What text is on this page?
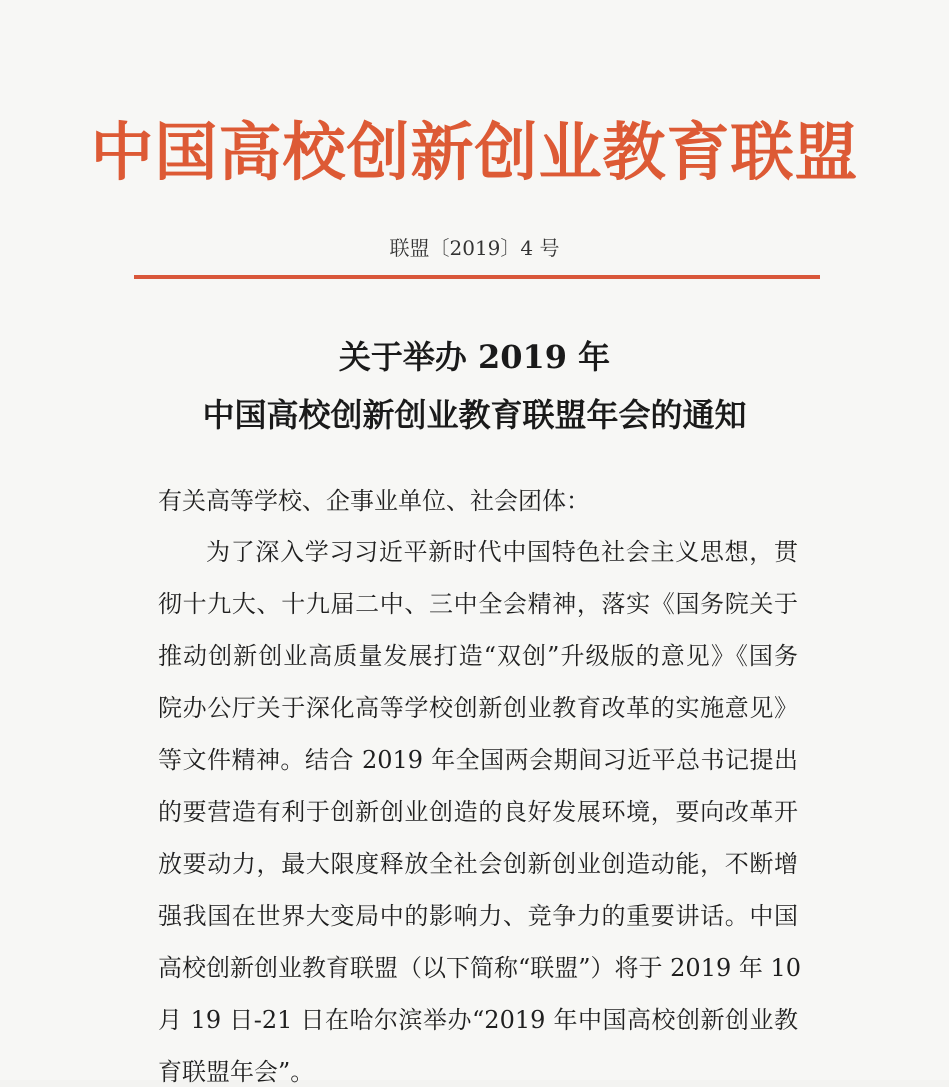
中国高校创新创业教育联盟
联盟〔2019〕4 号
关于举办 2019 年
中国高校创新创业教育联盟年会的通知
有关高等学校、企事业单位、社会团体：
为了深入学习习近平新时代中国特色社会主义思想，贯
彻十九大、十九届二中、三中全会精神，落实《国务院关于
推动创新创业高质量发展打造“双创”升级版的意见》《国务
院办公厅关于深化高等学校创新创业教育改革的实施意见》
等文件精神。结合 2019 年全国两会期间习近平总书记提出
的要营造有利于创新创业创造的良好发展环境，要向改革开
放要动力，最大限度释放全社会创新创业创造动能，不断增
强我国在世界大变局中的影响力、竞争力的重要讲话。中国
高校创新创业教育联盟（以下简称“联盟”）将于 2019 年 10
月 19 日-21 日在哈尔滨举办“2019 年中国高校创新创业教
育联盟年会”。
